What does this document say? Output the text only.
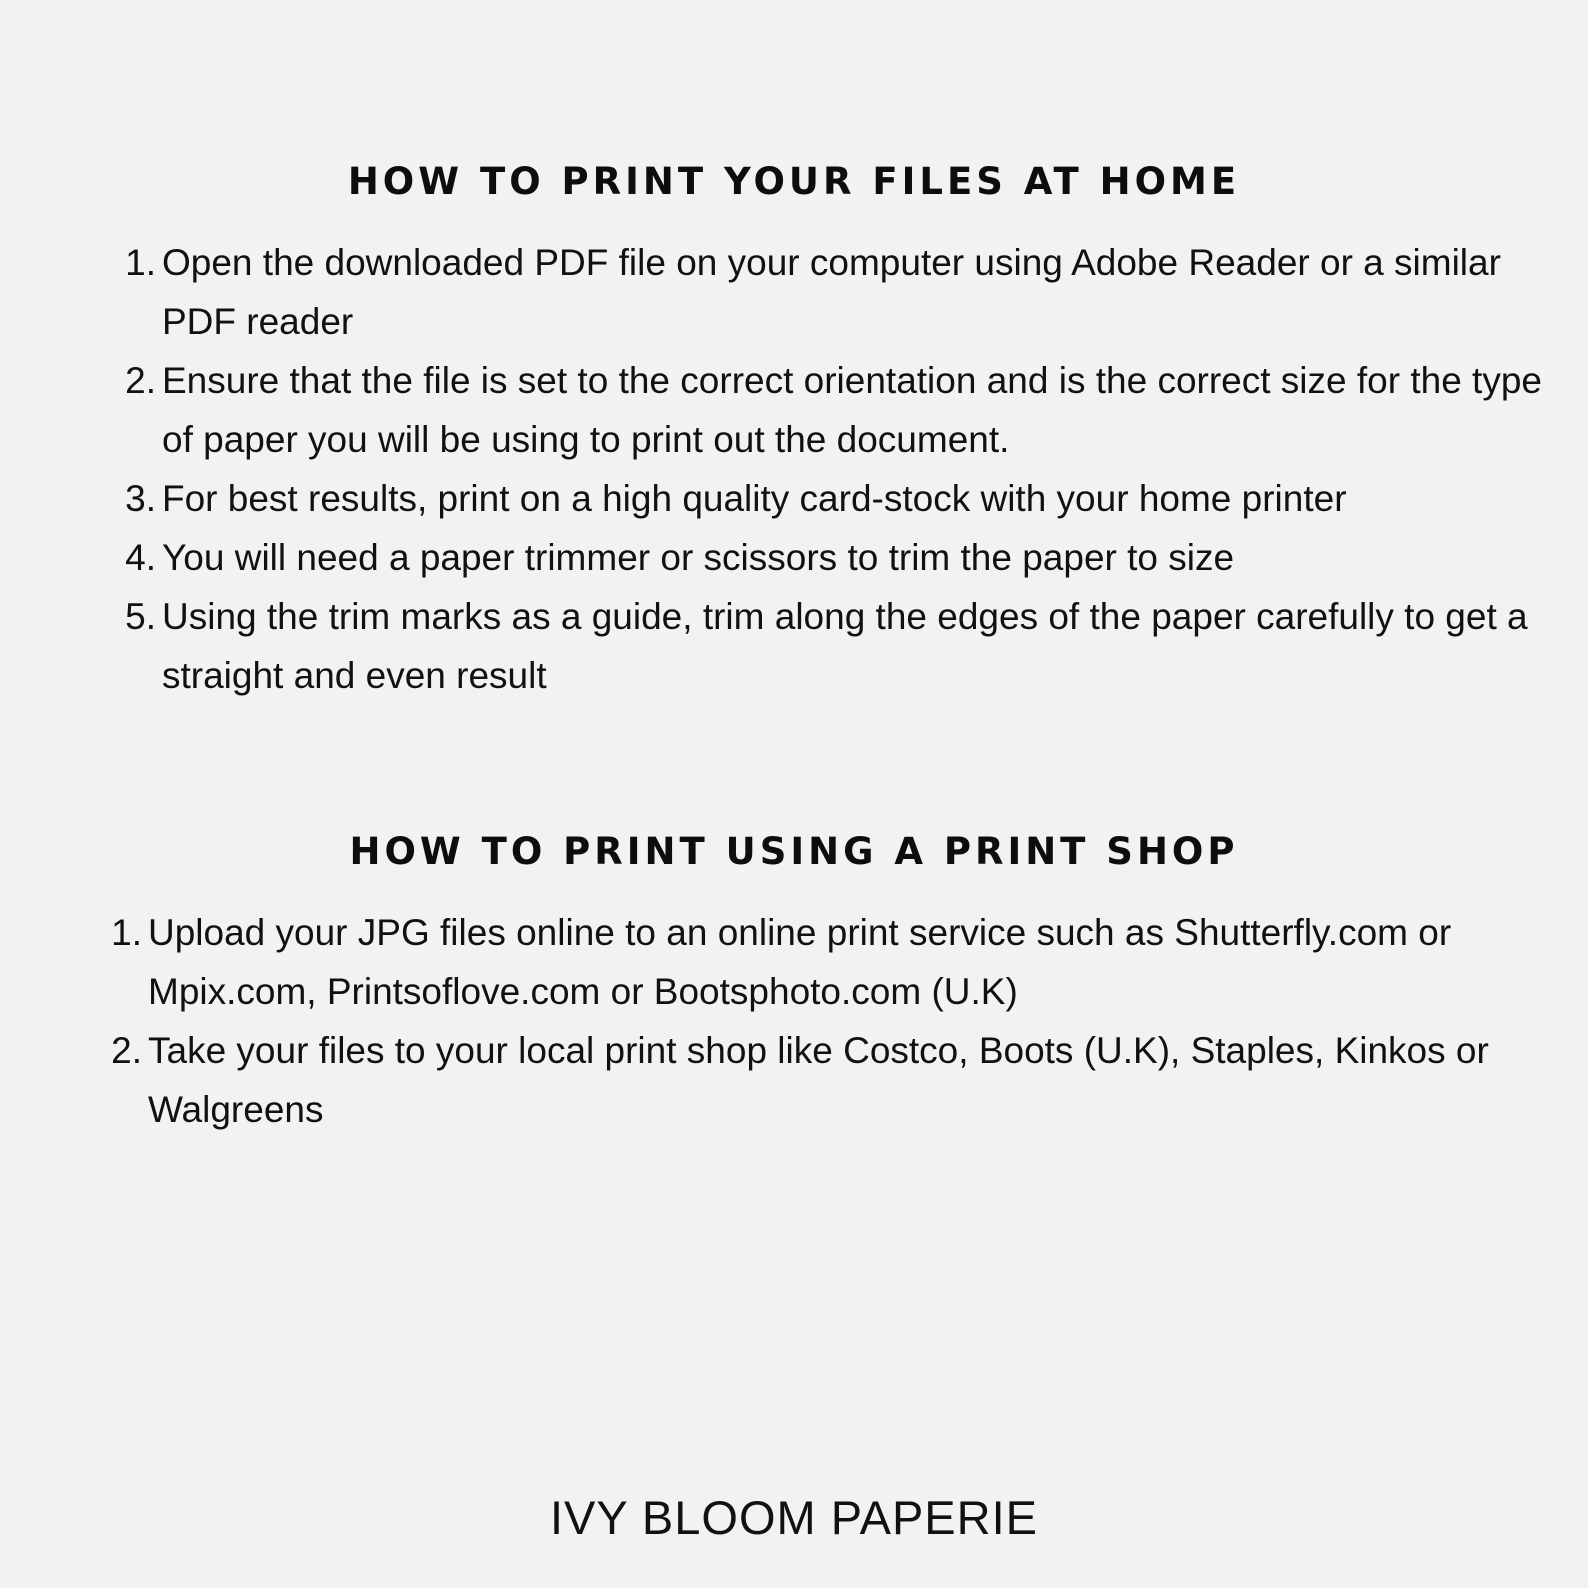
HOW TO PRINT YOUR FILES AT HOME
1. Open the downloaded PDF file on your computer using Adobe Reader or a similar PDF reader
2. Ensure that the file is set to the correct orientation and is the correct size for the type of paper you will be using to print out the document.
3. For best results, print on a high quality card-stock with your home printer
4. You will need a paper trimmer or scissors to trim the paper to size
5. Using the trim marks as a guide, trim along the edges of the paper carefully to get a straight and even result
HOW TO PRINT USING A PRINT SHOP
1. Upload your JPG files online to an online print service such as Shutterfly.com or Mpix.com, Printsoflove.com or Bootsphoto.com (U.K)
2. Take your files to your local print shop like Costco, Boots (U.K), Staples, Kinkos or Walgreens
IVY BLOOM PAPERIE
